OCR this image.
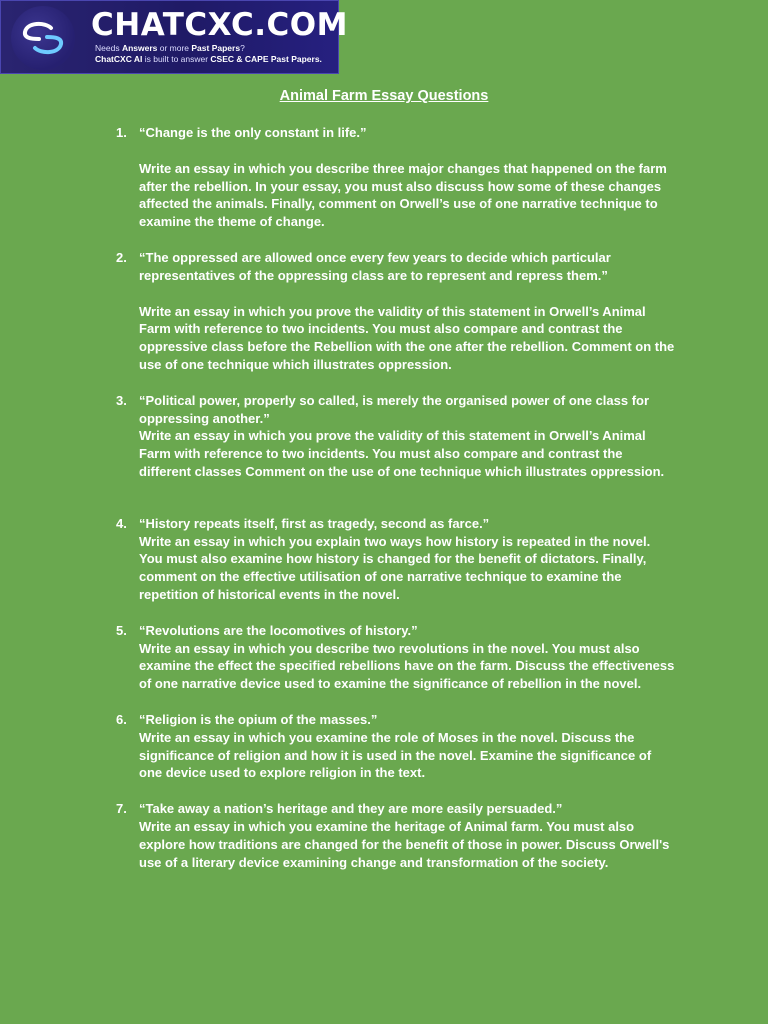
CHATCXC.COM
Needs Answers or more Past Papers?
ChatCXC AI is built to answer CSEC & CAPE Past Papers.
Animal Farm Essay Questions
1. “Change is the only constant in life.”

Write an essay in which you describe three major changes that happened on the farm after the rebellion. In your essay, you must also discuss how some of these changes affected the animals. Finally, comment on Orwell’s use of one narrative technique to examine the theme of change.

2. “The oppressed are allowed once every few years to decide which particular representatives of the oppressing class are to represent and repress them.”

Write an essay in which you prove the validity of this statement in Orwell’s Animal Farm with reference to two incidents. You must also compare and contrast the oppressive class before the Rebellion with the one after the rebellion. Comment on the use of one technique which illustrates oppression.

3. “Political power, properly so called, is merely the organised power of one class for oppressing another.”

Write an essay in which you prove the validity of this statement in Orwell’s Animal Farm with reference to two incidents. You must also compare and contrast the different classes Comment on the use of one technique which illustrates oppression.

4. “History repeats itself, first as tragedy, second as farce.”

Write an essay in which you explain two ways how history is repeated in the novel. You must also examine how history is changed for the benefit of dictators. Finally, comment on the effective utilisation of one narrative technique to examine the repetition of historical events in the novel.

5. “Revolutions are the locomotives of history.”

Write an essay in which you describe two revolutions in the novel. You must also examine the effect the specified rebellions have on the farm. Discuss the effectiveness of one narrative device used to examine the significance of rebellion in the novel.

6. “Religion is the opium of the masses.”

Write an essay in which you examine the role of Moses in the novel. Discuss the significance of religion and how it is used in the novel. Examine the significance of one device used to explore religion in the text.

7. “Take away a nation’s heritage and they are more easily persuaded.”

Write an essay in which you examine the heritage of Animal farm. You must also explore how traditions are changed for the benefit of those in power. Discuss Orwell's use of a literary device examining change and transformation of the society.
